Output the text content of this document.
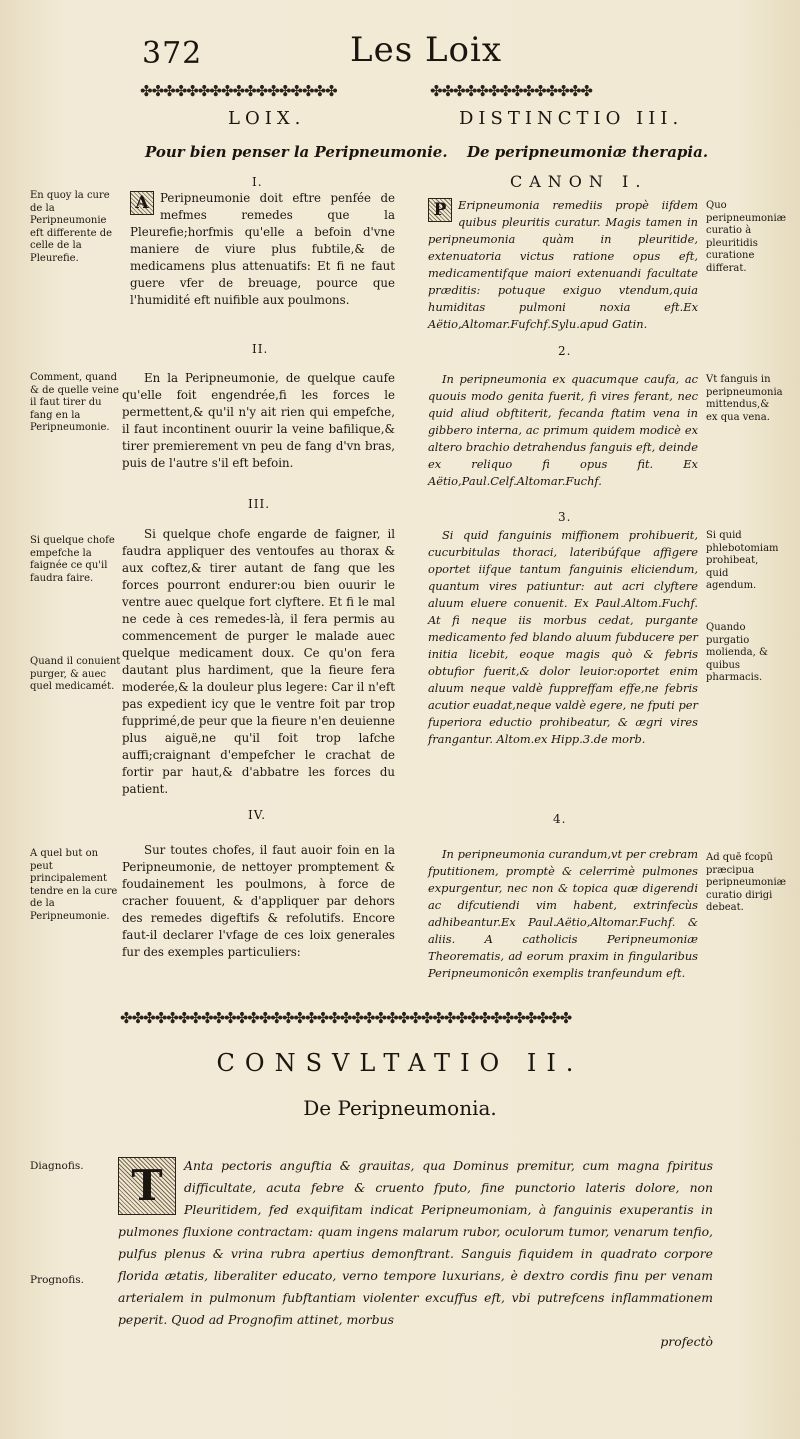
372	Les Loix
✤✤✤✤✤✤✤✤✤✤✤✤✤✤✤✤✤	✤✤✤✤✤✤✤✤✤✤✤✤✤✤
LOIX.
Pour bien penser la Peripneumonie.
I.
En quoy la cure de la Peripneumonie eft differente de celle de la Pleurefie.
A Peripneumonie doit eftre penfée de mefmes remedes que la Pleurefie;horfmis qu'elle a befoin d'vne maniere de viure plus fubtile,& de medicamens plus attenuatifs: Et fi ne faut guere vfer de breuage, pource que l'humidité eft nuifible aux poulmons.
II.
Comment, quand & de quelle veine il faut tirer du fang en la Peripneumonie.
En la Peripneumonie, de quelque caufe qu'elle foit engendrée,fi les forces le permettent,& qu'il n'y ait rien qui empefche, il faut incontinent ouurir la veine bafilique,& tirer premierement vn peu de fang d'vn bras, puis de l'autre s'il eft befoin.
III.
Si quelque chofe empefche la faignée ce qu'il faudra faire.
Quand il conuient purger, & auec quel medicamét.
Si quelque chofe engarde de faigner, il faudra appliquer des ventoufes au thorax & aux coftez,& tirer autant de fang que les forces pourront endurer:ou bien ouurir le ventre auec quelque fort clyftere. Et fi le mal ne cede à ces remedes-là, il fera permis au commencement de purger le malade auec quelque medicament doux. Ce qu'on fera dautant plus hardiment, que la fieure fera moderée,& la douleur plus legere: Car il n'eft pas expedient icy que le ventre foit par trop fupprimé,de peur que la fieure n'en deuienne plus aiguë,ne qu'il foit trop lafche auffi;craignant d'empefcher le crachat de fortir par haut,& d'abbatre les forces du patient.
IV.
A quel but on peut principalement tendre en la cure de la Peripneumonie.
Sur toutes chofes, il faut auoir foin en la Peripneumonie, de nettoyer promptement & foudainement les poulmons, à force de cracher fouuent, & d'appliquer par dehors des remedes digeftifs & refolutifs. Encore faut-il declarer l'vfage de ces loix generales fur des exemples particuliers:
DISTINCTIO III.
De peripneumoniæ therapia.
CANON I.
Quo peripneumoniæ curatio à pleuritidis curatione differat.
P	Eripneumonia remediis propè iifdem quibus pleuritis curatur. Magis tamen in peripneumonia quàm in pleuritide, extenuatoria victus ratione opus eft, medicamentifque maiori extenuandi facultate præditis: potuque exiguo vtendum,quia humiditas pulmoni noxia eft.Ex Aëtio,Altomar.Fufchf.Sylu.apud Gatin.
2.
Vt fanguis in peripneumonia mittendus,& ex qua vena.
In peripneumonia ex quacumque caufa, ac quouis modo genita fuerit, fi vires ferant, nec quid aliud obftiterit, fecanda ftatim vena in gibbero interna, ac primum quidem modicè ex altero brachio detrahendus fanguis eft, deinde ex reliquo fi opus fit. Ex Aëtio,Paul.Celf.Altomar.Fuchf.
3.
Si quid phlebotomiam prohibeat, quid agendum.
Quando purgatio molienda, & quibus pharmacis.
Si quid fanguinis miffionem prohibuerit, cucurbitulas thoraci, lateribúfque affigere oportet iifque tantum fanguinis eliciendum, quantum vires patiuntur: aut acri clyftere aluum eluere conuenit. Ex Paul.Altom.Fuchf. At fi neque iis morbus cedat, purgante medicamento fed blando aluum fubducere per initia licebit, eoque magis quò & febris obtufior fuerit,& dolor leuior:oportet enim aluum neque valdè fuppreffam effe,ne febris acutior euadat,neque valdè egere, ne fputi per fuperiora eductio prohibeatur, & ægri vires frangantur. Altom.ex Hipp.3.de morb.
4.
Ad quē fcopū præcipua peripneumoniæ curatio dirigi debeat.
In peripneumonia curandum,vt per crebram fputitionem, promptè & celerrimè pulmones expurgentur, nec non & topica quæ digerendi ac difcutiendi vim habent, extrinfecùs adhibeantur.Ex Paul.Aëtio,Altomar.Fuchf. & aliis. A catholicis Peripneumoniæ Theorematis, ad eorum praxim in fingularibus Peripneumonicôn exemplis tranfeundum eft.
✤✤✤✤✤✤✤✤✤✤✤✤✤✤✤✤✤✤✤✤✤✤✤✤✤✤✤✤✤✤✤✤✤✤✤✤✤✤✤
CONSVLTATIO II.
De Peripneumonia.
Diagnofis.
Prognofis.
T	Anta pectoris anguftia & grauitas, qua Dominus premitur, cum magna fpiritus difficultate, acuta febre & cruento fputo, fine punctorio lateris dolore, non Pleuritidem, fed exquifitam indicat Peripneumoniam, à fanguinis exuperantis in pulmones fluxione contractam: quam ingens malarum rubor, oculorum tumor, venarum tenfio, pulfus plenus & vrina rubra apertius demonftrant. Sanguis fiquidem in quadrato corpore florida ætatis, liberaliter educato, verno tempore luxurians, è dextro cordis finu per venam arterialem in pulmonum fubftantiam violenter excuffus eft, vbi putrefcens inflammationem peperit. Quod ad Prognofim attinet, morbus
profectò
